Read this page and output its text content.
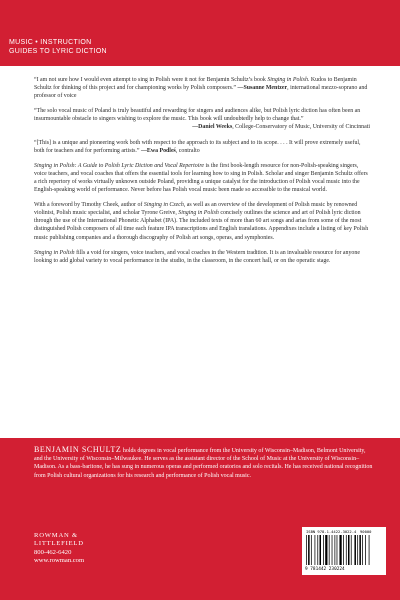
MUSIC • INSTRUCTION
GUIDES TO LYRIC DICTION
“I am not sure how I would even attempt to sing in Polish were it not for Benjamin Schultz’s book Singing in Polish. Kudos to Benjamin Schultz for thinking of this project and for championing works by Polish composers.” —Susanne Mentzer, international mezzo-soprano and professor of voice
“The solo vocal music of Poland is truly beautiful and rewarding for singers and audiences alike, but Polish lyric diction has often been an insurmountable obstacle to singers wishing to explore the music. This book will undoubtedly help to change that.”
—Daniel Weeks, College-Conservatory of Music, University of Cincinnati
“[This] is a unique and pioneering work both with respect to the approach to its subject and to its scope. . . . It will prove extremely useful, both for teachers and for performing artists.” —Ewa Podleś, contralto
Singing in Polish: A Guide to Polish Lyric Diction and Vocal Repertoire is the first book-length resource for non-Polish-speaking singers, voice teachers, and vocal coaches that offers the essential tools for learning how to sing in Polish. Scholar and singer Benjamin Schultz offers a rich repertory of works virtually unknown outside Poland, providing a unique catalyst for the introduction of Polish vocal music into the English-speaking world of performance. Never before has Polish vocal music been made so accessible to the musical world.
With a foreword by Timothy Cheek, author of Singing in Czech, as well as an overview of the development of Polish music by renowned violinist, Polish music specialist, and scholar Tyrone Greive, Singing in Polish concisely outlines the science and art of Polish lyric diction through the use of the International Phonetic Alphabet (IPA). The included texts of more than 60 art songs and arias from some of the most distinguished Polish composers of all time each feature IPA transcriptions and English translations. Appendixes include a listing of key Polish music publishing companies and a thorough discography of Polish art songs, operas, and symphonies.
Singing in Polish fills a void for singers, voice teachers, and vocal coaches in the Western tradition. It is an invaluable resource for anyone looking to add global variety to vocal performance in the studio, in the classroom, in the concert hall, or on the operatic stage.
BENJAMIN SCHULTZ holds degrees in vocal performance from the University of Wisconsin–Madison, Belmont University, and the University of Wisconsin–Milwaukee. He serves as the assistant director of the School of Music at the University of Wisconsin–Madison. As a bass-baritone, he has sung in numerous operas and performed oratorios and solo recitals. He has received national recognition from Polish cultural organizations for his research and performance of Polish vocal music.
ROWMAN &
LITTLEFIELD
800-462-6420
www.rowman.com
ISBN 978-1-4422-3022-4 90000
9 781442 230224
